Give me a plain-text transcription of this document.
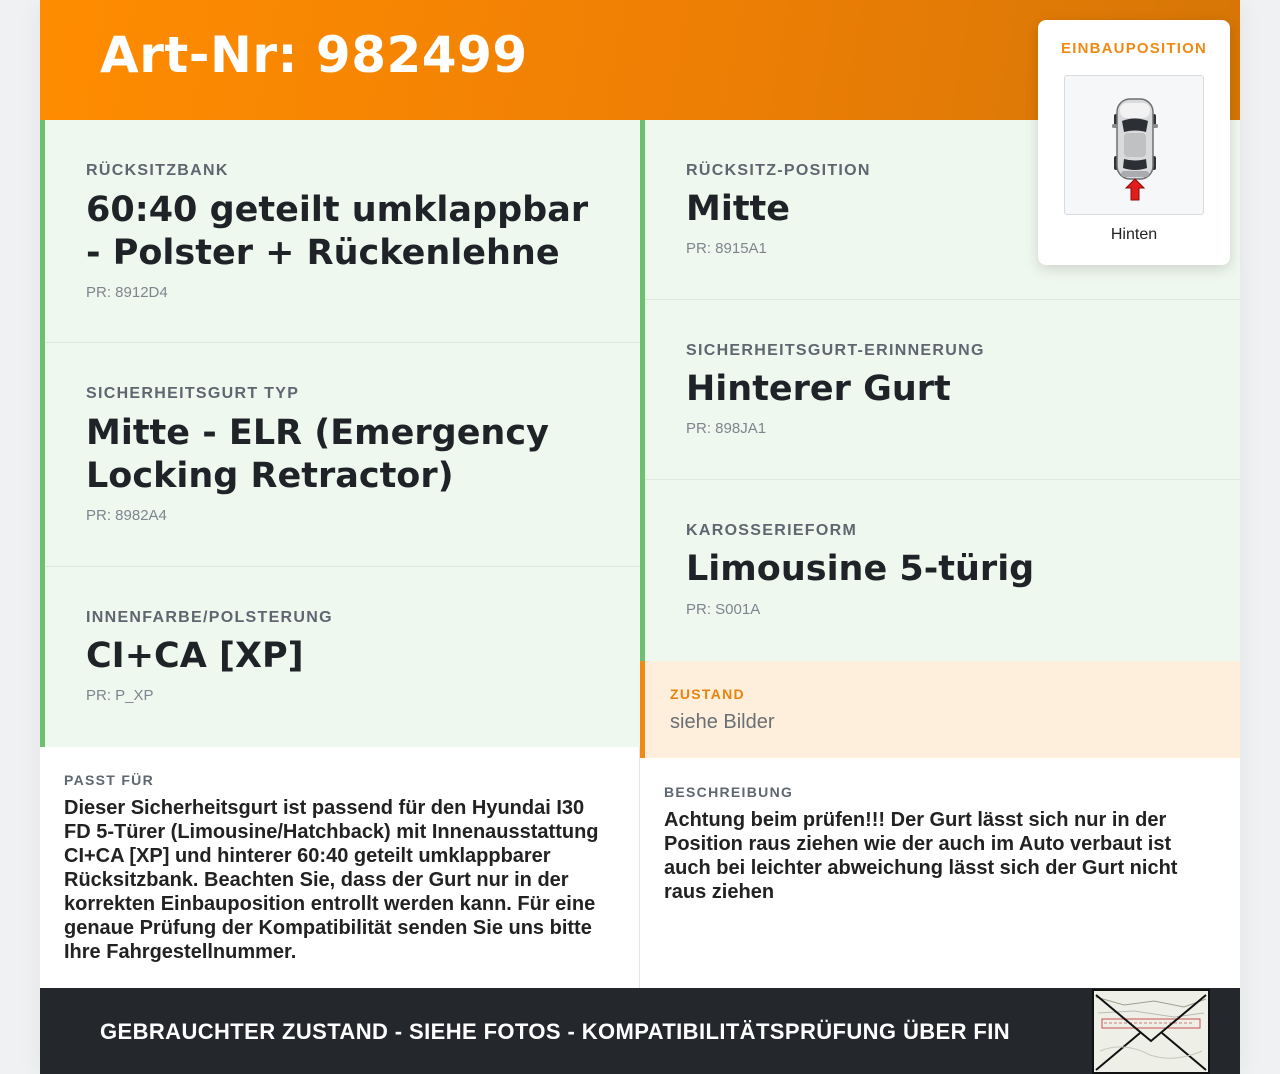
Art-Nr: 982499
RÜCKSITZBANK
60:40 geteilt umklappbar - Polster + Rückenlehne
PR: 8912D4
SICHERHEITSGURT TYP
Mitte - ELR (Emergency Locking Retractor)
PR: 8982A4
INNENFARBE/POLSTERUNG
CI+CA [XP]
PR: P_XP
RÜCKSITZ-POSITION
Mitte
PR: 8915A1
SICHERHEITSGURT-ERINNERUNG
Hinterer Gurt
PR: 898JA1
KAROSSERIEFORM
Limousine 5-türig
PR: S001A
ZUSTAND
siehe Bilder
PASST FÜR
Dieser Sicherheitsgurt ist passend für den Hyundai I30 FD 5-Türer (Limousine/Hatchback) mit Innenausstattung CI+CA [XP] und hinterer 60:40 geteilt umklappbarer Rücksitzbank. Beachten Sie, dass der Gurt nur in der korrekten Einbauposition entrollt werden kann. Für eine genaue Prüfung der Kompatibilität senden Sie uns bitte Ihre Fahrgestellnummer.
BESCHREIBUNG
Achtung beim prüfen!!! Der Gurt lässt sich nur in der Position raus ziehen wie der auch im Auto verbaut ist auch bei leichter abweichung lässt sich der Gurt nicht raus ziehen
EINBAUPOSITION
Hinten
GEBRAUCHTER ZUSTAND - SIEHE FOTOS - KOMPATIBILITÄTSPRÜFUNG ÜBER FIN
